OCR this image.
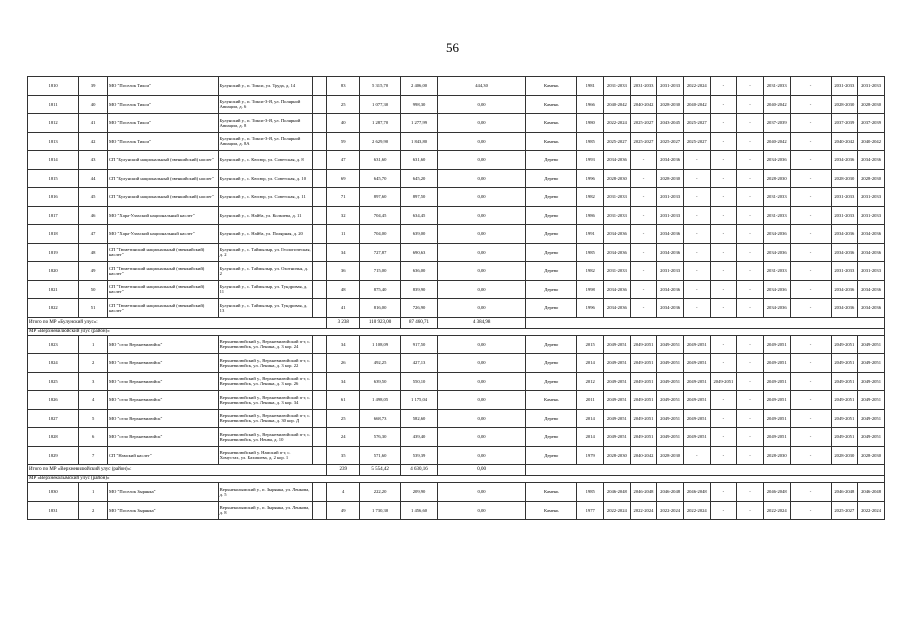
56
1810	39	МО "Поселок Тикси"	Булунский у., п. Тикси, ул. Труда, д. 14		83	5 315,70	2 406,00	444,30	Камень	1981	2031-2033	2031-2033	2031-2033	2022-2024	-	-	2031-2033	-	2031-2033	2031-2033
1811	40	МО "Поселок Тикси"	Булунский у., п. Тикси-3-Я, ул. Полярной Авиации, д. 6		25	1 077,30	998,30	0,00	Камень	1966	2040-2042	2040-2042	2028-2030	2040-2042	-	-	2040-2042	-	2028-2030	2028-2030
1812	41	МО "Поселок Тикси"	Булунский у., п. Тикси-3-Я, ул. Полярной Авиации, д. 8		40	1 287,70	1 277,99	0,00	Камень	1980	2022-2024	2025-2027	2043-2045	2025-2027	-	-	2037-2039	-	2037-2039	2037-2039
1813	42	МО "Поселок Тикси"	Булунский у., п. Тикси-3-Я, ул. Полярной Авиации, д. 8А		59	2 629,90	1 843,80	0,00	Камень	1985	2025-2027	2025-2027	2025-2027	2025-2027	-	-	2040-2042	-	2040-2042	2040-2042
1814	43	СП "Булунский национальный (эвенкийский) наслег"	Булунский у., с. Кюсюр, ул. Советская, д. 8		47	631,60	631,60	0,00	Дерево	1993	2034-2036	-	2034-2036	-	-	-	2034-2036	-	2034-2036	2034-2036
1815	44	СП "Булунский национальный (эвенкийский) наслег"	Булунский у., с. Кюсюр, ул. Советская, д. 10		69	645,70	645,20	0,00	Дерево	1996	2028-2030	-	2028-2030	-	-	-	2028-2030	-	2028-2030	2028-2030
1816	45	СП "Булунский национальный (эвенкийский) наслег"	Булунский у., с. Кюсюр, ул. Советская, д. 11		71	897,60	897,50	0,00	Дерево	1982	2031-2033	-	2031-2033	-	-	-	2031-2033	-	2031-2033	2031-2033
1817	46	МО "Хара-Улахский национальный наслег"	Булунский у., с. Найба, ул. Кольчева, д. 11		32	704,45	634,45	0,00	Дерево	1986	2031-2033	-	2031-2033	-	-	-	2031-2033	-	2031-2033	2031-2033
1818	47	МО "Хара-Улахский национальный наслег"	Булунский у., с. Найба, ул. Полярная, д. 20		11	704,00	639,00	0,00	Дерево	1991	2034-2036	-	2034-2036	-	-	-	2034-2036	-	2034-2036	2034-2036
1819	48	СП "Тюметинский национальный (эвенкийский) наслег"	Булунский у., с. Таймылыр, ул. Геологическая, д. 2		34	727,87	690,63	0,00	Дерево	1985	2034-2036	-	2034-2036	-	-	-	2034-2036	-	2034-2036	2034-2036
1820	49	СП "Тюметинский национальный (эвенкийский) наслег"	Булунский у., с. Таймылыр, ул. Охотничья, д. 2		36	715,00	636,00	0,00	Дерево	1982	2031-2033	-	2031-2033	-	-	-	2031-2033	-	2031-2033	2031-2033
1821	50	СП "Тюметинский национальный (эвенкийский) наслег"	Булунский у., с. Таймылыр, ул. Тундровая, д. 11		48	875,40	839,90	0,00	Дерево	1998	2034-2036	-	2034-2036	-	-	-	2034-2036	-	2034-2036	2034-2036
1822	51	СП "Тюметинский национальный (эвенкийский) наслег"	Булунский у., с. Таймылыр, ул. Тундровая, д. 13		41	816,00	726,90	0,00	Дерево	1996	2034-2036	-	2034-2036	-	-	-	2034-2036	-	2034-2036	2034-2036
Итого по МР «Булунский улус»:					3 238	110 923,00	87 460,71	4 384,98												
МР «Верхневилюйский улус (район)»																				
1823	1	МО "село Верхневилюйск"	Верхневилюйский у., Верхневилюйский п-г, с. Верхневилюйск, ул. Ленина, д. 3 кор. 24		34	1 108,09	917,50	0,00	Дерево	2015	2049-2051	2049-2051	2049-2051	2049-2051	-	-	2049-2051	-	2049-2051	2049-2051
1824	2	МО "село Верхневилюйск"	Верхневилюйский у., Верхневилюйский п-г, с. Верхневилюйск, ул. Ленина, д. 3 кор. 22		26	492,25	427,13	0,00	Дерево	2014	2049-2051	2049-2051	2049-2051	2049-2051	-	-	2049-2051	-	2049-2051	2049-2051
1825	3	МО "село Верхневилюйск"	Верхневилюйский у., Верхневилюйский п-г, с. Верхневилюйск, ул. Ленина, д. 3 кор. 26		34	639,50	550,10	0,00	Дерево	2012	2049-2051	2049-2051	2049-2051	2049-2051	2049-2051	-	2049-2051	-	2049-2051	2049-2051
1826	4	МО "село Верхневилюйск"	Верхневилюйский у., Верхневилюйский п-г, с. Верхневилюйск, ул. Ленина, д. 3 кор. 34		61	1 498,05	1 175,04	0,00	Камень	2011	2049-2051	2049-2051	2049-2051	2049-2051	-	-	2049-2051	-	2049-2051	2049-2051
1827	5	МО "село Верхневилюйск"	Верхневилюйский у., Верхневилюйский п-г, с. Верхневилюйск, ул. Ленина, д. 30 кор. Д		25	668,73	582,60	0,00	Дерево	2014	2049-2051	2049-2051	2049-2051	2049-2051	-	-	2049-2051	-	2049-2051	2049-2051
1828	6	МО "село Верхневилюйск"	Верхневилюйский у., Верхневилюйский п-г, с. Верхневилюйск, ул. Ненва, д. 10		24	576,30	439,40	0,00	Дерево	2014	2049-2051	2049-2051	2049-2051	2049-2051	-	-	2049-2051	-	2049-2051	2049-2051
1829	7	СП "Намский наслег"	Верхневилюйский у. Намский п-г, с. Хомустах, ул. Бахишева, д. 2 кор. 1		35	571,60	539,39	0,00	Дерево	1979	2028-2030	2040-2042	2028-2030	-	-	-	2028-2030	-	2028-2030	2028-2030
Итого по МР «Верхневилюйский улус (район)»:					239	5 554,42	4 630,16	0,00												
МР «Верхнеколымский улус (район)»																				
1830	1	МО "Поселок Зырянка"	Верхнеколымский у., п. Зырянка, ул. Ленкова, д. 5		4	222,20	209,90	0,00	Камень	1985	2046-2048	2046-2048	2046-2048	2046-2048	-	-	2046-2048	-	2046-2048	2046-2048
1831	2	МО "Поселок Зырянка"	Верхнеколымский у., п. Зырянка, ул. Ленкова, д. 8		49	1 730,30	1 456,60	0,00	Камень	1977	2022-2024	2022-2024	2022-2024	2022-2024	-	-	2022-2024	-	2025-2027	2022-2024
